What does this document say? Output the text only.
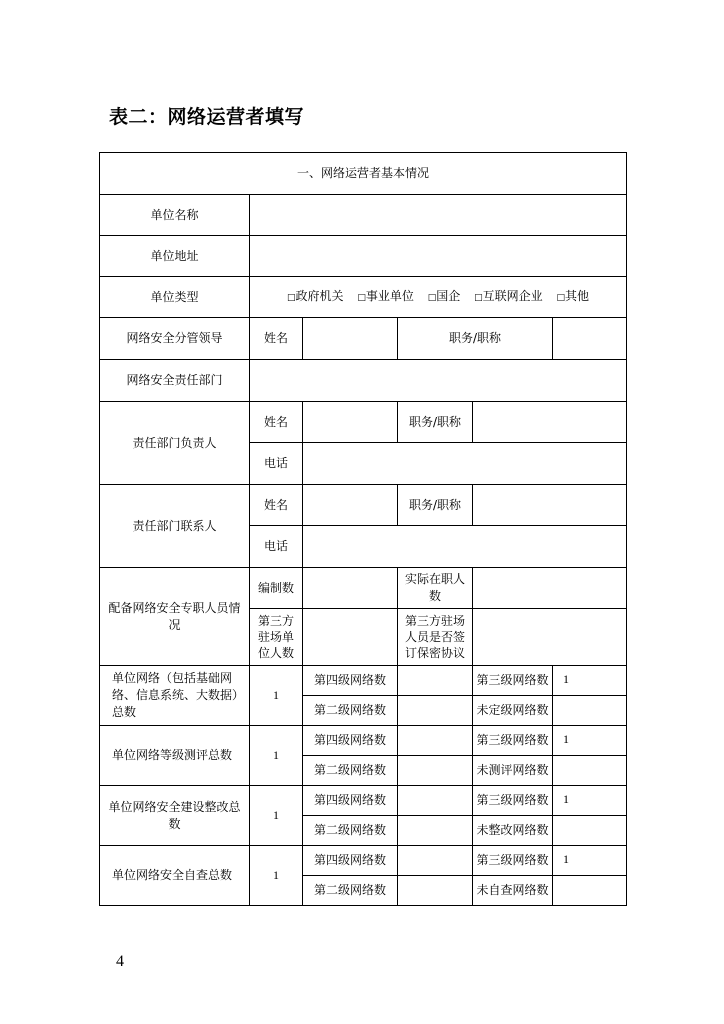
表二：网络运营者填写
一、网络运营者基本情况					
单位名称					
单位地址					
单位类型	□政府机关 □事业单位 □国企 □互联网企业 □其他				
网络安全分管领导	姓名		职务/职称		
网络安全责任部门					
责任部门负责人	姓名		职务/职称		
	电话				
责任部门联系人	姓名		职务/职称		
	电话				
配备网络安全专职人员情况	编制数		实际在职人数		
	第三方驻场单位人数		第三方驻场人员是否签订保密协议		
单位网络（包括基础网络、信息系统、大数据）总数	1	第四级网络数		第三级网络数	1
		第二级网络数		未定级网络数	
单位网络等级测评总数	1	第四级网络数		第三级网络数	1
		第二级网络数		未测评网络数	
单位网络安全建设整改总数	1	第四级网络数		第三级网络数	1
		第二级网络数		未整改网络数	
单位网络安全自查总数	1	第四级网络数		第三级网络数	1
		第二级网络数		未自查网络数	
4
